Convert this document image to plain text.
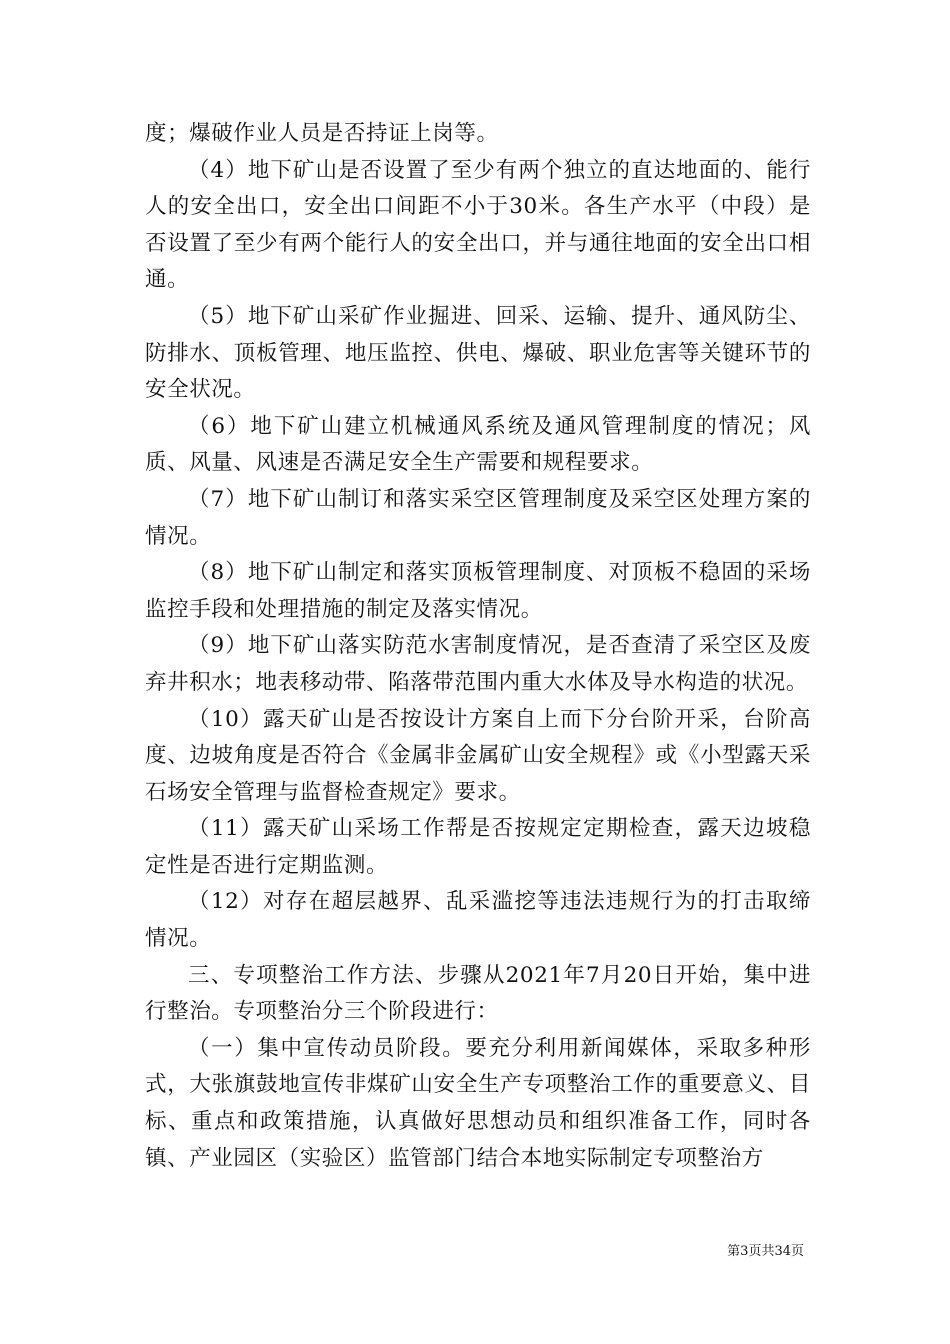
度；爆破作业人员是否持证上岗等。

（4）地下矿山是否设置了至少有两个独立的直达地面的、能行人的安全出口，安全出口间距不小于30米。各生产水平（中段）是否设置了至少有两个能行人的安全出口，并与通往地面的安全出口相通。

（5）地下矿山采矿作业掘进、回采、运输、提升、通风防尘、防排水、顶板管理、地压监控、供电、爆破、职业危害等关键环节的安全状况。

（6）地下矿山建立机械通风系统及通风管理制度的情况；风质、风量、风速是否满足安全生产需要和规程要求。

（7）地下矿山制订和落实采空区管理制度及采空区处理方案的情况。

（8）地下矿山制定和落实顶板管理制度、对顶板不稳固的采场监控手段和处理措施的制定及落实情况。

（9）地下矿山落实防范水害制度情况，是否查清了采空区及废弃井积水；地表移动带、陷落带范围内重大水体及导水构造的状况。

（10）露天矿山是否按设计方案自上而下分台阶开采，台阶高度、边坡角度是否符合《金属非金属矿山安全规程》或《小型露天采石场安全管理与监督检查规定》要求。

（11）露天矿山采场工作帮是否按规定定期检查，露天边坡稳定性是否进行定期监测。

（12）对存在超层越界、乱采滥挖等违法违规行为的打击取缔情况。

三、专项整治工作方法、步骤从2021年7月20日开始，集中进行整治。专项整治分三个阶段进行：

（一）集中宣传动员阶段。要充分利用新闻媒体，采取多种形式，大张旗鼓地宣传非煤矿山安全生产专项整治工作的重要意义、目标、重点和政策措施，认真做好思想动员和组织准备工作，同时各镇、产业园区（实验区）监管部门结合本地实际制定专项整治方

第3页共34页
